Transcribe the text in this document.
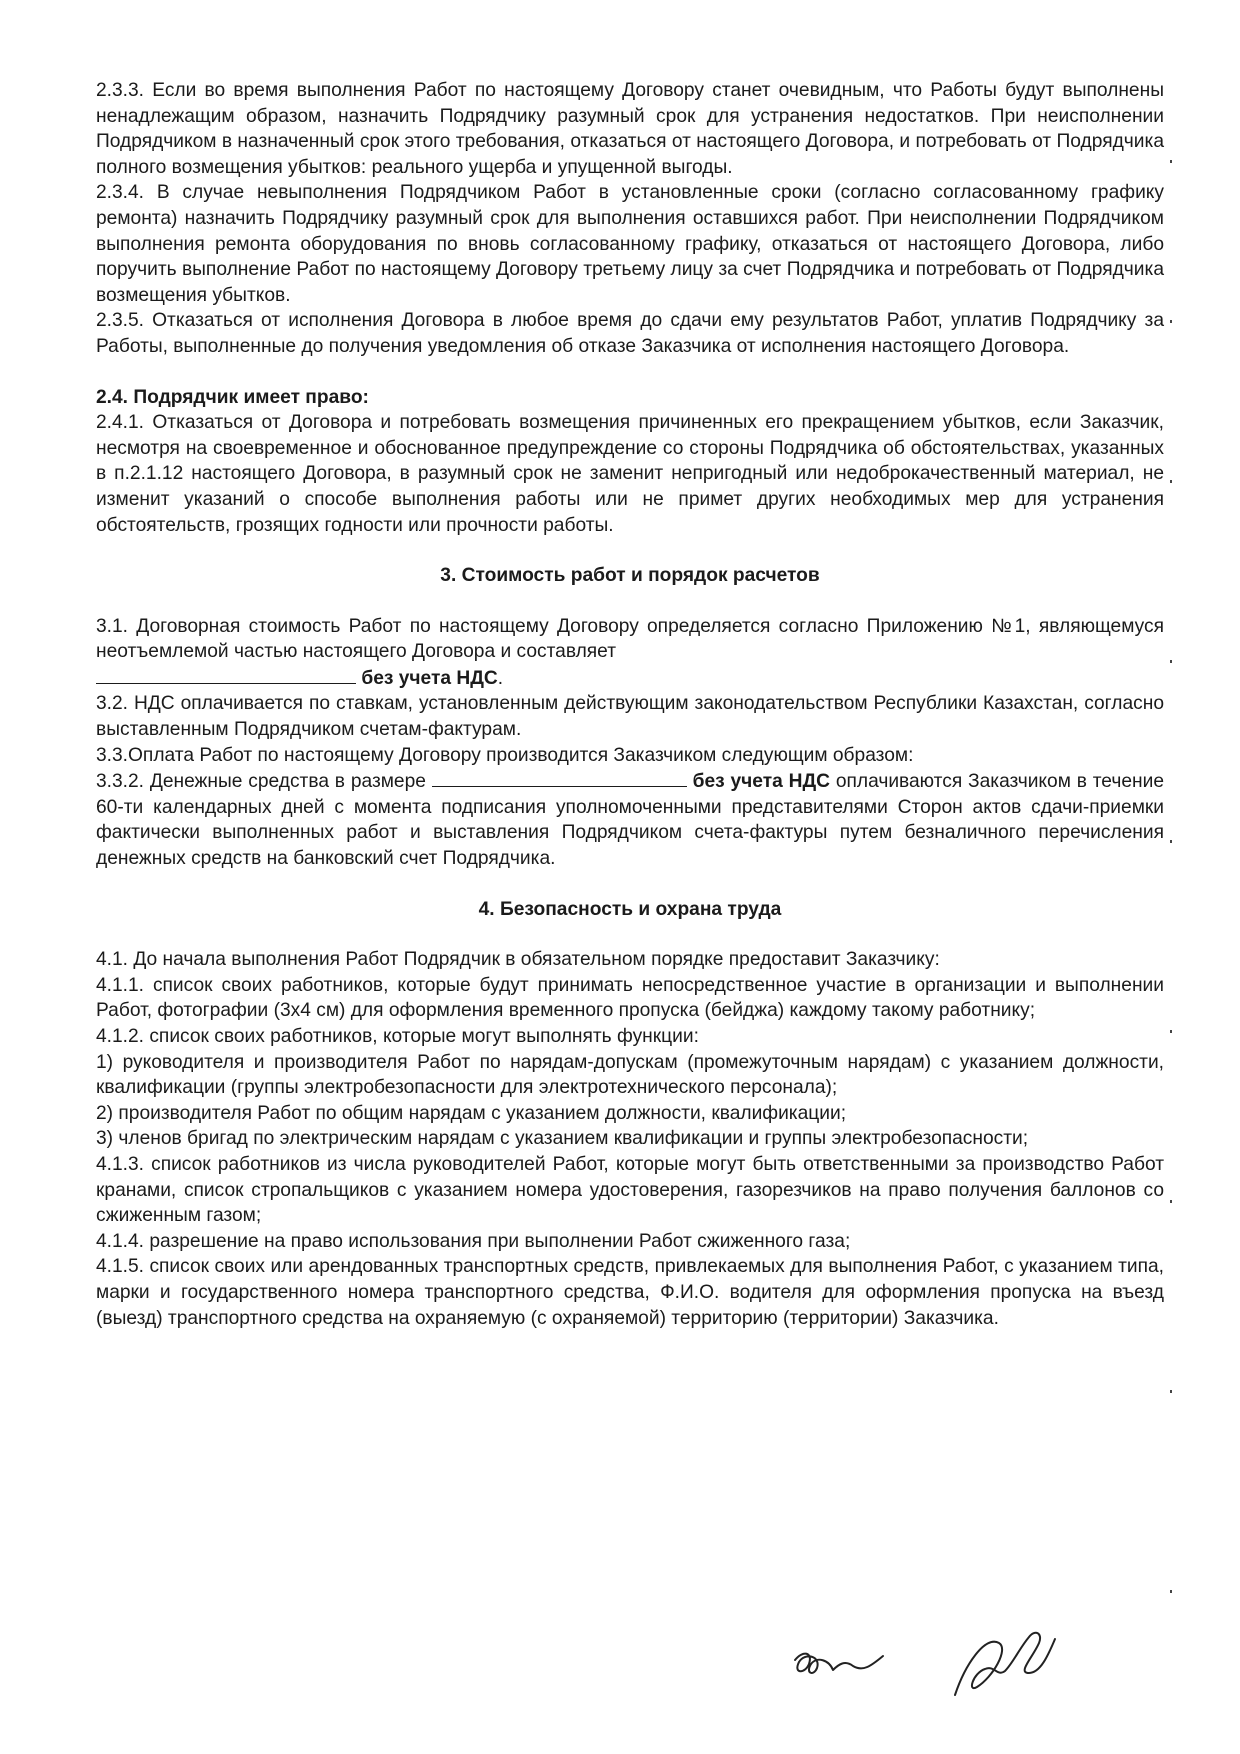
2.3.3. Если во время выполнения Работ по настоящему Договору станет очевидным, что Работы будут выполнены ненадлежащим образом, назначить Подрядчику разумный срок для устранения недостатков. При неисполнении Подрядчиком в назначенный срок этого требования, отказаться от настоящего Договора, и потребовать от Подрядчика полного возмещения убытков: реального ущерба и упущенной выгоды.

2.3.4. В случае невыполнения Подрядчиком Работ в установленные сроки (согласно согласованному графику ремонта) назначить Подрядчику разумный срок для выполнения оставшихся работ. При неисполнении Подрядчиком выполнения ремонта оборудования по вновь согласованному графику, отказаться от настоящего Договора, либо поручить выполнение Работ по настоящему Договору третьему лицу за счет Подрядчика и потребовать от Подрядчика возмещения убытков.

2.3.5. Отказаться от исполнения Договора в любое время до сдачи ему результатов Работ, уплатив Подрядчику за Работы, выполненные до получения уведомления об отказе Заказчика от исполнения настоящего Договора.

2.4. Подрядчик имеет право:

2.4.1. Отказаться от Договора и потребовать возмещения причиненных его прекращением убытков, если Заказчик, несмотря на своевременное и обоснованное предупреждение со стороны Подрядчика об обстоятельствах, указанных в п.2.1.12 настоящего Договора, в разумный срок не заменит непригодный или недоброкачественный материал, не изменит указаний о способе выполнения работы или не примет других необходимых мер для устранения обстоятельств, грозящих годности или прочности работы.

3. Стоимость работ и порядок расчетов

3.1. Договорная стоимость Работ по настоящему Договору определяется согласно Приложению №1, являющемуся неотъемлемой частью настоящего Договора и составляет
без учета НДС.

3.2. НДС оплачивается по ставкам, установленным действующим законодательством Республики Казахстан, согласно выставленным Подрядчиком счетам-фактурам.

3.3.Оплата Работ по настоящему Договору производится Заказчиком следующим образом:

3.3.2. Денежные средства в размере	без учета НДС оплачиваются Заказчиком в течение 60-ти календарных дней с момента подписания уполномоченными представителями Сторон актов сдачи-приемки фактически выполненных работ и выставления Подрядчиком счета-фактуры путем безналичного перечисления денежных средств на банковский счет Подрядчика.

4. Безопасность и охрана труда

4.1. До начала выполнения Работ Подрядчик в обязательном порядке предоставит Заказчику:

4.1.1. список своих работников, которые будут принимать непосредственное участие в организации и выполнении Работ, фотографии (3х4 см) для оформления временного пропуска (бейджа) каждому такому работнику;

4.1.2. список своих работников, которые могут выполнять функции:

1) руководителя и производителя Работ по нарядам-допускам (промежуточным нарядам) с указанием должности, квалификации (группы электробезопасности для электротехнического персонала);

2) производителя Работ по общим нарядам с указанием должности, квалификации;

3) членов бригад по электрическим нарядам с указанием квалификации и группы электробезопасности;

4.1.3. список работников из числа руководителей Работ, которые могут быть ответственными за производство Работ кранами, список стропальщиков с указанием номера удостоверения, газорезчиков на право получения баллонов со сжиженным газом;

4.1.4. разрешение на право использования при выполнении Работ сжиженного газа;

4.1.5. список своих или арендованных транспортных средств, привлекаемых для выполнения Работ, с указанием типа, марки и государственного номера транспортного средства, Ф.И.О. водителя для оформления пропуска на въезд (выезд) транспортного средства на охраняемую (с охраняемой) территорию (территории) Заказчика.
